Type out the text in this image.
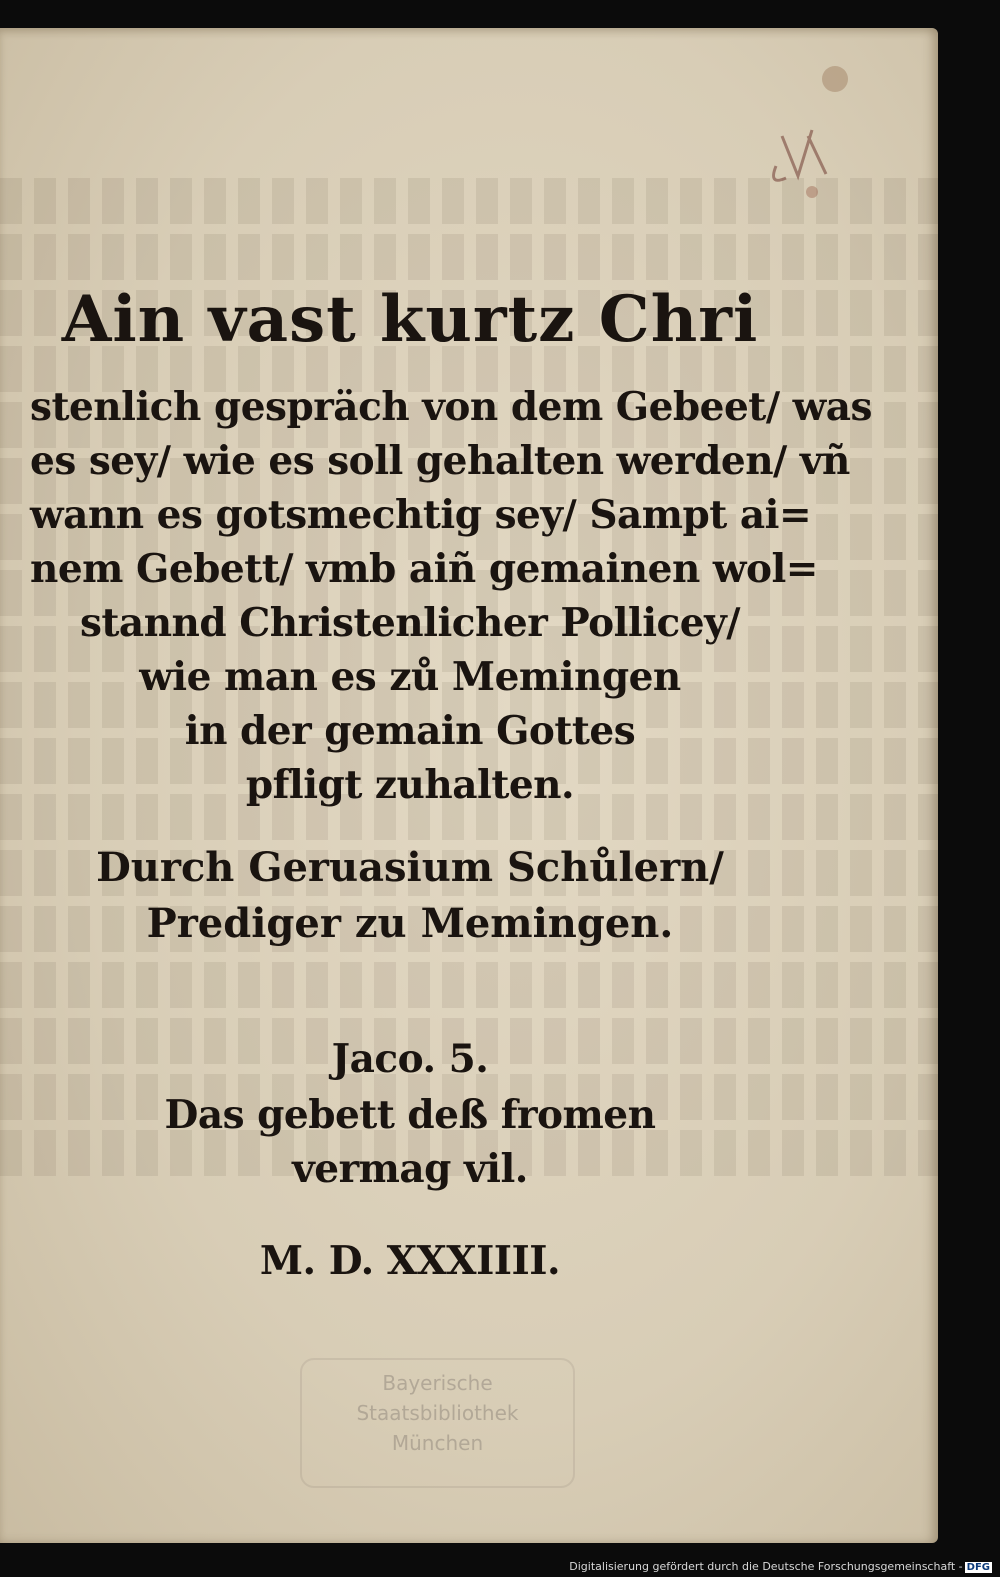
Bayerische
Staatsbibliothek
München
Ain vast kurtz Chri
stenlich gespräch von dem Gebeet/ was
es sey/ wie es soll gehalten werden/ vñ
wann es gotsmechtig sey/ Sampt ai=
nem Gebett/ vmb aiñ gemainen wol=
stannd Christenlicher Pollicey/
wie man es zů Memingen
in der gemain Gottes
pfligt zuhalten.
Durch Geruasium Schůlern/
Prediger zu Memingen.
Jaco. 5.
Das gebett deß fromen
vermag vil.
M. D. XXXIIII.
Digitalisierung gefördert durch die Deutsche Forschungsgemeinschaft - DFG
